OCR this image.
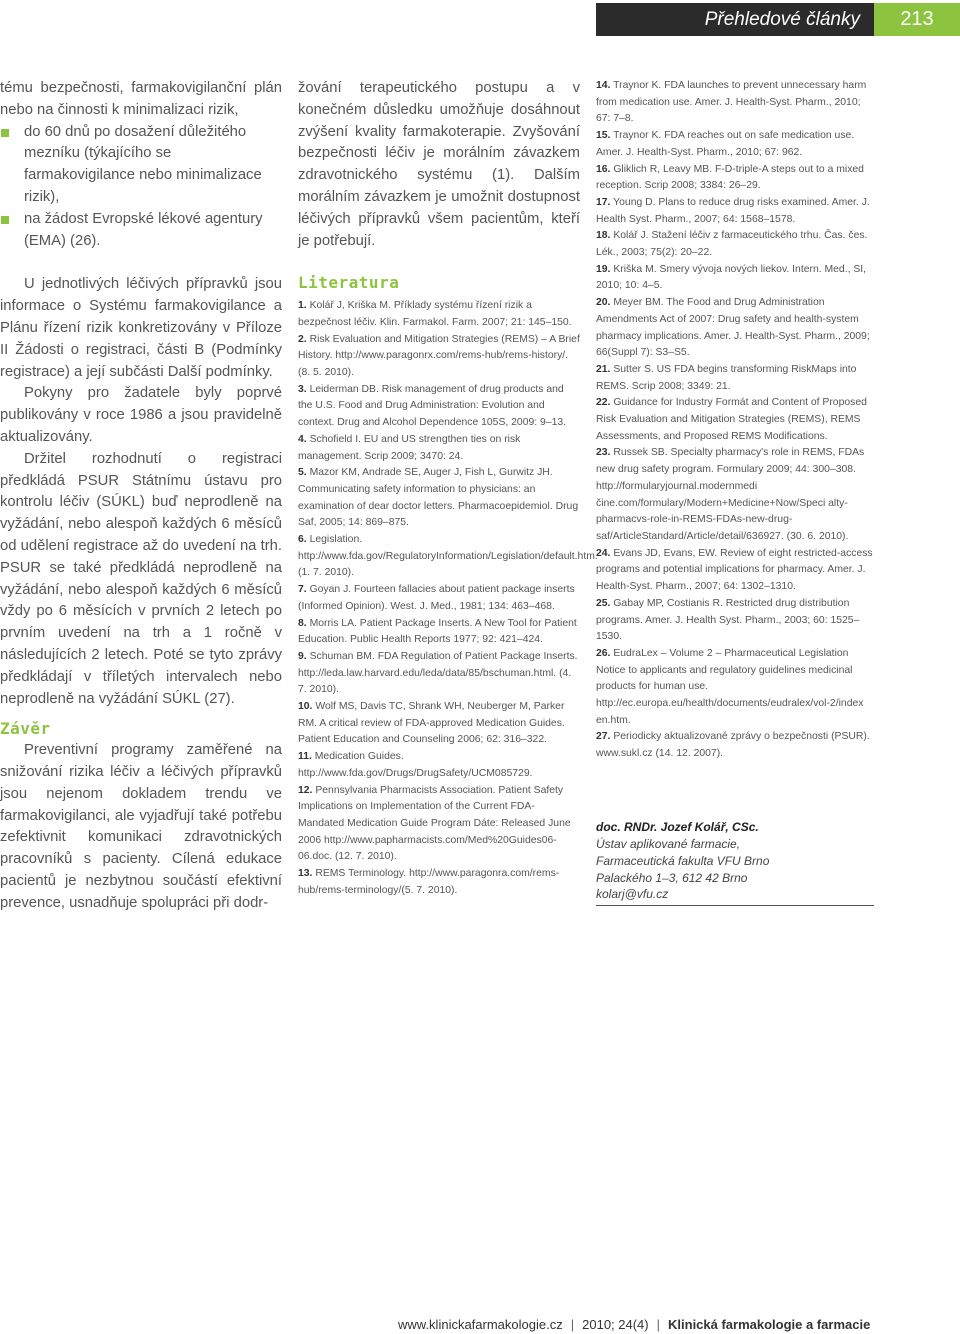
Přehledové články	213

tému bezpečnosti, farmakovigilanční plán nebo na činnosti k minimalizaci rizik,

do 60 dnů po dosažení důležitého mezníku (týkajícího se farmakovigilance nebo minimalizace rizik),
na žádost Evropské lékové agentury (EMA) (26).

U jednotlivých léčivých přípravků jsou informace o Systému farmakovigilance a Plánu řízení rizik konkretizovány v Příloze II Žádosti o registraci, části B (Podmínky registrace) a její subčásti Další podmínky.

Pokyny pro žadatele byly poprvé publikovány v roce 1986 a jsou pravidelně aktualizovány.

Držitel rozhodnutí o registraci předkládá PSUR Státnímu ústavu pro kontrolu léčiv (SÚKL) buď neprodleně na vyžádání, nebo alespoň každých 6 měsíců od udělení registrace až do uvedení na trh. PSUR se také předkládá neprodleně na vyžádání, nebo alespoň každých 6 měsíců vždy po 6 měsících v prvních 2 letech po prvním uvedení na trh a 1 ročně v následujících 2 letech. Poté se tyto zprávy předkládají v tříletých intervalech nebo neprodleně na vyžádání SÚKL (27).

Závěr

Preventivní programy zaměřené na snižování rizika léčiv a léčivých přípravků jsou nejenom dokladem trendu ve farmakovigilanci, ale vyjadřují také potřebu zefektivnit komunikaci zdravotnických pracovníků s pacienty. Cílená edukace pacientů je nezbytnou součástí efektivní prevence, usnadňuje spolupráci při dodr-

žování terapeutického postupu a v konečném důsledku umožňuje dosáhnout zvýšení kvality farmakoterapie. Zvyšování bezpečnosti léčiv je morálním závazkem zdravotnického systému (1). Dalším morálním závazkem je umožnit dostupnost léčivých přípravků všem pacientům, kteří je potřebují.

Literatura
1. Kolář J, Kriška M. Příklady systému řízení rizik a bezpečnost léčiv. Klin. Farmakol. Farm. 2007; 21: 145–150.
2. Risk Evaluation and Mitigation Strategies (REMS) – A Brief History. http://www.paragonrx.com/rems-hub/rems-history/. (8. 5. 2010).
3. Leiderman DB. Risk management of drug products and the U.S. Food and Drug Administration: Evolution and context. Drug and Alcohol Dependence 105S, 2009: 9–13.
4. Schofield I. EU and US strengthen ties on risk management. Scrip 2009; 3470: 24.
5. Mazor KM, Andrade SE, Auger J, Fish L, Gurwitz JH. Communicating safety information to physicians: an examination of dear doctor letters. Pharmacoepidemiol. Drug Saf, 2005; 14: 869–875.
6. Legislation. http://www.fda.gov/RegulatoryInformation/Legislation/default.htm. (1. 7. 2010).
7. Goyan J. Fourteen fallacies about patient package inserts (Informed Opinion). West. J. Med., 1981; 134: 463–468.
8. Morris LA. Patient Package Inserts. A New Tool for Patient Education. Public Health Reports 1977; 92: 421–424.
9. Schuman BM. FDA Regulation of Patient Package Inserts. http://leda.law.harvard.edu/leda/data/85/bschuman.html. (4. 7. 2010).
10. Wolf MS, Davis TC, Shrank WH, Neuberger M, Parker RM. A critical review of FDA-approved Medication Guides. Patient Education and Counseling 2006; 62: 316–322.
11. Medication Guides. http://www.fda.gov/Drugs/DrugSafety/UCM085729.
12. Pennsylvania Pharmacists Association. Patient Safety Implications on Implementation of the Current FDA-Mandated Medication Guide Program Dáte: Released June 2006 http://www.papharmacists.com/Med%20Guides06-06.doc. (12. 7. 2010).
13. REMS Terminology. http://www.paragonra.com/rems-hub/rems-terminology/(5. 7. 2010).
14. Traynor K. FDA launches to prevent unnecessary harm from medication use. Amer. J. Health-Syst. Pharm., 2010; 67: 7–8.
15. Traynor K. FDA reaches out on safe medication use. Amer. J. Health-Syst. Pharm., 2010; 67: 962.
16. Gliklich R, Leavy MB. F-D-triple-A steps out to a mixed reception. Scrip 2008; 3384: 26–29.
17. Young D. Plans to reduce drug risks examined. Amer. J. Health Syst. Pharm., 2007; 64: 1568–1578.
18. Kolář J. Stažení léčiv z farmaceutického trhu. Čas. čes. Lék., 2003; 75(2): 20–22.
19. Kriška M. Smery vývoja nových liekov. Intern. Med., SI, 2010; 10: 4–5.
20. Meyer BM. The Food and Drug Administration Amendments Act of 2007: Drug safety and health-system pharmacy implications. Amer. J. Health-Syst. Pharm., 2009; 66(Suppl 7): S3–S5.
21. Sutter S. US FDA begins transforming RiskMaps into REMS. Scrip 2008; 3349: 21.
22. Guidance for Industry Formát and Content of Proposed Risk Evaluation and Mitigation Strategies (REMS), REMS Assessments, and Proposed REMS Modifications.
23. Russek SB. Specialty pharmacy's role in REMS, FDAs new drug safety program. Formulary 2009; 44: 300–308. http://formularyjournal.modernmedi čine.com/formulary/Modern+Medicine+Now/Speci alty-pharmacvs-role-in-REMS-FDAs-new-drug-saf/ArticleStandard/Article/detail/636927. (30. 6. 2010).
24. Evans JD, Evans, EW. Review of eight restricted-access programs and potential implications for pharmacy. Amer. J. Health-Syst. Pharm., 2007; 64: 1302–1310.
25. Gabay MP, Costianis R. Restricted drug distribution programs. Amer. J. Health Syst. Pharm., 2003; 60: 1525–1530.
26. EudraLex – Volume 2 – Pharmaceutical Legislation Notice to applicants and regulatory guidelines medicinal products for human use. http://ec.europa.eu/health/documents/eudralex/vol-2/index en.htm.
27. Periodicky aktualizované zprávy o bezpečnosti (PSUR). www.sukl.cz (14. 12. 2007).
doc. RNDr. Jozef Kolář, CSc.
Ústav aplikované farmacie,
Farmaceutická fakulta VFU Brno
Palackého 1–3, 612 42 Brno
kolarj@vfu.cz
www.klinickafarmakologie.cz | 2010; 24(4) | Klinická farmakologie a farmacie
